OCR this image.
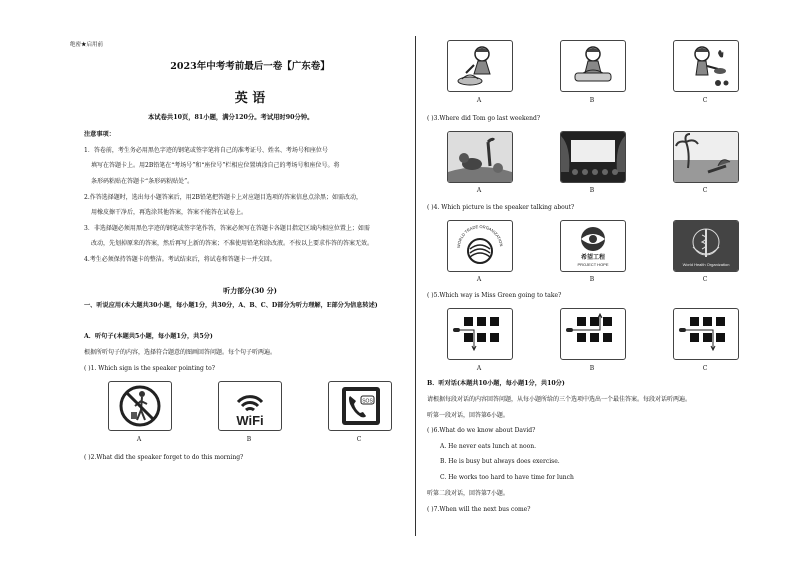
绝密★启用前
2023年中考考前最后一卷【广东卷】
英 语
本试卷共10页，81小题，满分120分。考试用时90分钟。
注意事项：
1．答卷前，考生务必用黑色字迹的钢笔或签字笔将自己的准考证号、姓名、考场号和座位号
填写在答题卡上。用2B铅笔在“考场号”和“座位号”栏相应位置填涂自己的考场号和座位号。将
条形码粘贴在答题卡“条形码粘贴处”。
2.作答选择题时，选出每小题答案后，用2B铅笔把答题卡上对应题目选项的答案信息点涂黑；如需改动，
用橡皮擦干净后，再选涂其他答案，答案不能答在试卷上。
3．非选择题必须用黑色字迹的钢笔或签字笔作答，答案必须写在答题卡各题目指定区域内相应位置上；如需
改动，先划掉原来的答案，然后再写上新的答案；不准使用铅笔和涂改液。不按以上要求作答的答案无效。
4.考生必须保持答题卡的整洁。考试结束后，将试卷和答题卡一并交回。
听力部分(30 分)
一、听说应用(本大题共30小题，每小题1分，共30分，A、B、C、D部分为听力理解，E部分为信息转述)
A．听句子(本题共5小题，每小题1分，共5分)
根据所听句子的内容，选择符合题意的图画回答问题。每个句子听两遍。
( )1. Which sign is the speaker pointing to?
WiFi
SOS
A	B	C
( )2.What did the speaker forget to do this morning?
A	B	C
( )3.Where did Tom go last weekend?
A	B	C
( )4. Which picture is the speaker talking about?
WORLD TRADE ORGANIZATION
希望工程
PROJECT HOPE	World Health Organization
A	B	C
( )5.Which way is Miss Green going to take?
A	B	C
B．听对话(本题共10小题，每小题1分，共10分)
请根据每段对话的内容回答问题，从每小题所给的三个选项中选出一个最佳答案。每段对话听两遍。
听第一段对话，回答第6小题。
( )6.What do we know about David?
A. He never eats lunch at noon.
B. He is busy but always does exercise.
C. He works too hard to have time for lunch
听第二段对话，回答第7小题。
( )7.When will the next bus come?
